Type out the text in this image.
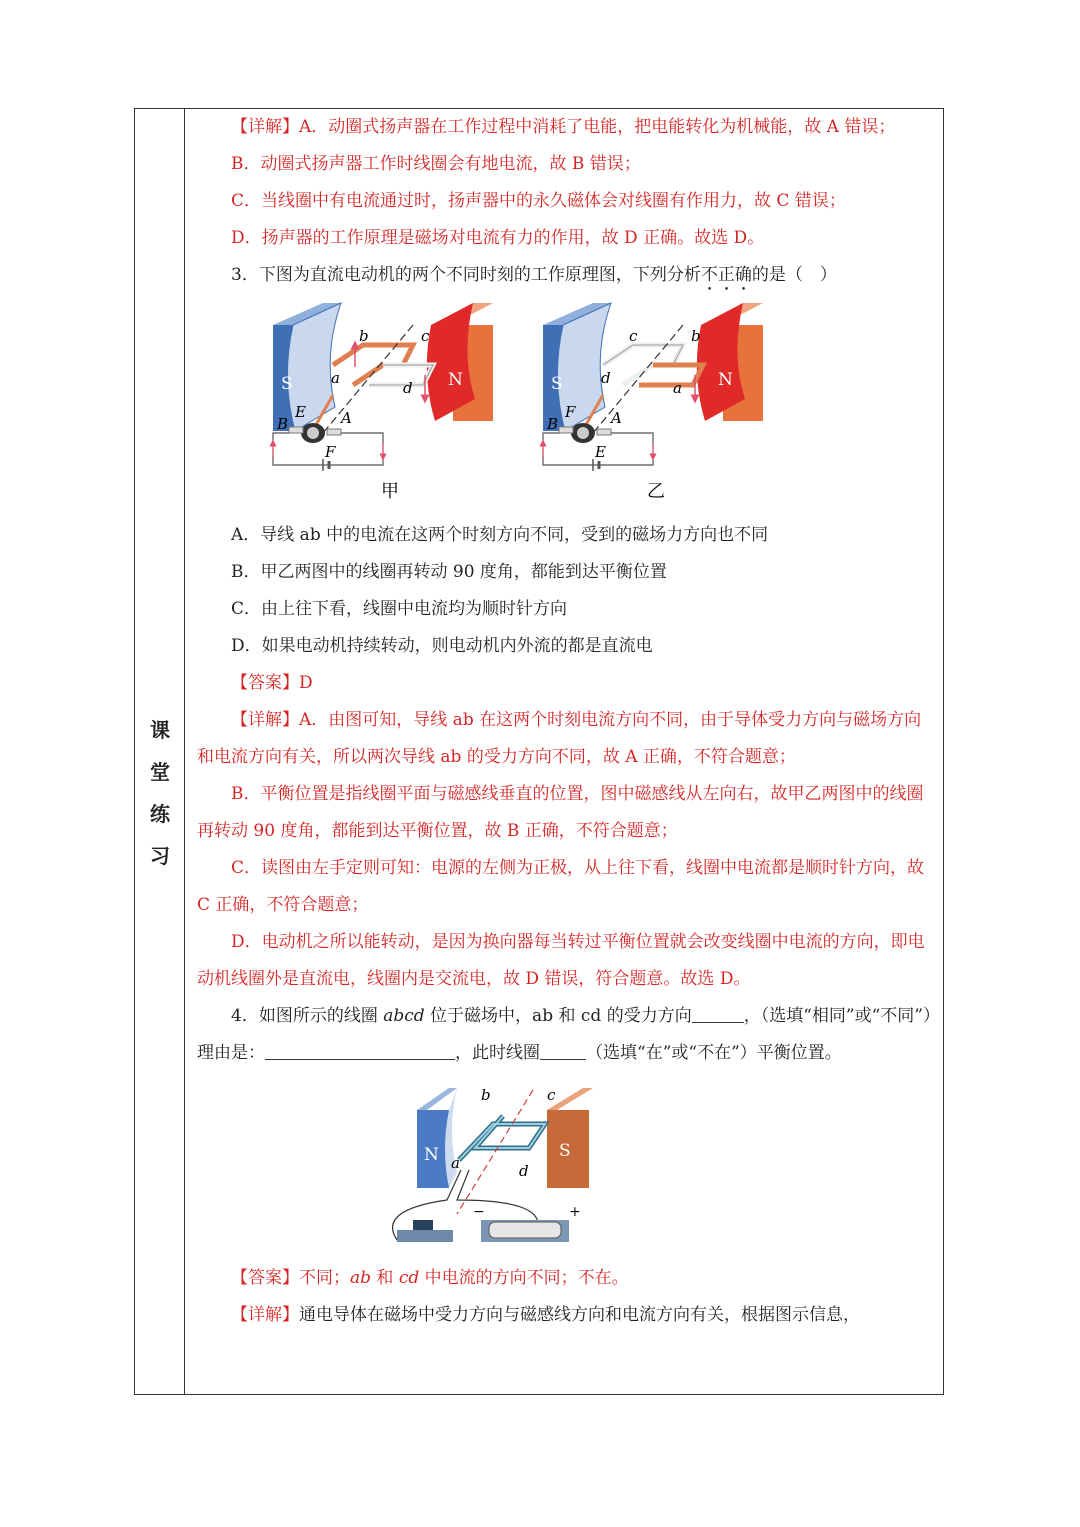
课
堂
练
习

【详解】A．动圈式扬声器在工作过程中消耗了电能，把电能转化为机械能，故 A 错误；

B．动圈式扬声器工作时线圈会有地电流，故 B 错误；

C．当线圈中有电流通过时，扬声器中的永久磁体会对线圈有作用力，故 C 错误；

D．扬声器的工作原理是磁场对电流有力的作用，故 D 正确。故选 D。

3．下图为直流电动机的两个不同时刻的工作原理图，下列分析不正确的是（　）

S	N
a
b	c
d
B
E A
F
甲
S	N
d
c	b
a
B
F A
E
乙

A．导线 ab 中的电流在这两个时刻方向不同，受到的磁场力方向也不同

B．甲乙两图中的线圈再转动 90 度角，都能到达平衡位置

C．由上往下看，线圈中电流均为顺时针方向

D．如果电动机持续转动，则电动机内外流的都是直流电

【答案】D

【详解】A．由图可知，导线 ab 在这两个时刻电流方向不同，由于导体受力方向与磁场方向和电流方向有关，所以两次导线 ab 的受力方向不同，故 A 正确，不符合题意；

B．平衡位置是指线圈平面与磁感线垂直的位置，图中磁感线从左向右，故甲乙两图中的线圈再转动 90 度角，都能到达平衡位置，故 B 正确，不符合题意；

C．读图由左手定则可知：电源的左侧为正极，从上往下看，线圈中电流都是顺时针方向，故 C 正确，不符合题意；

D．电动机之所以能转动，是因为换向器每当转过平衡位置就会改变线圈中电流的方向，即电动机线圈外是直流电，线圈内是交流电，故 D 错误，符合题意。故选 D。

4．如图所示的线圈 abcd 位于磁场中，ab 和 cd 的受力方向	，（选填“相同”或“不同”）理由是：	，此时线圈	（选填“在”或“不在”）平衡位置。

N	S
a
b	c
d
−	+

【答案】不同；ab 和 cd 中电流的方向不同；不在。

【详解】通电导体在磁场中受力方向与磁感线方向和电流方向有关，根据图示信息，
